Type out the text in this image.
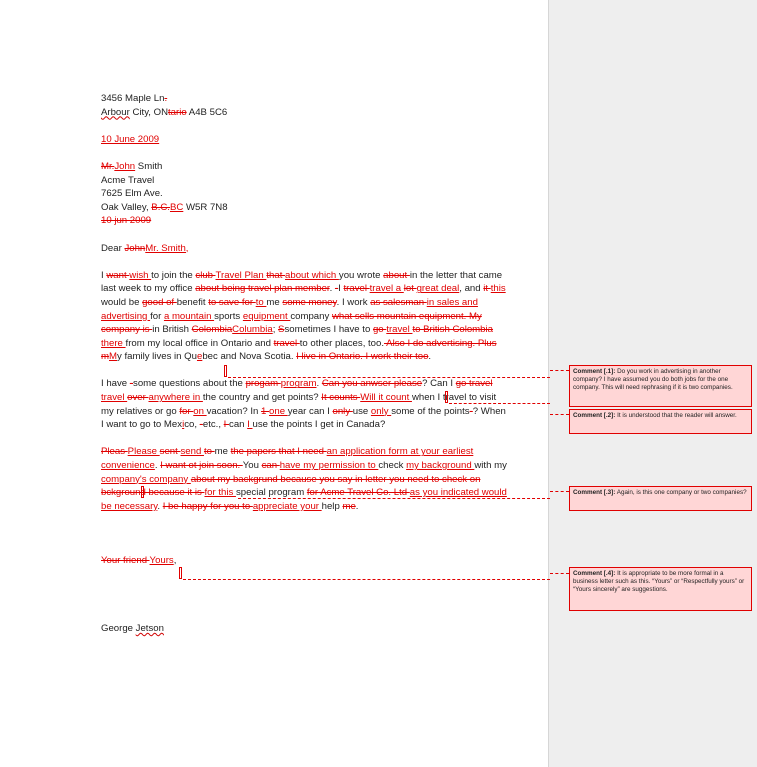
3456 Maple Ln.

Arbour City, ONtario A4B 5C6

10 June 2009

Mr.John Smith

Acme Travel

7625 Elm Ave.

Oak Valley, B.C.BC W5R 7N8

10 jun 2009

Dear JohnMr. Smith,

I want wish to join the club Travel Plan that about which you wrote about in the letter that came last week to my office about being travel plan member. -I travel travel a lot great deal, and it this would be good of benefit to save for to me some money. I work as salesman in sales and advertising for a mountain sports equipment company what sells mountain equipment. My company is in British ColombiaColumbia; Ssometimes I have to go travel to British Colombia there from my local office in Ontario and travel to other places, too. Also I do advertising. Plus mMy family lives in Quebec and Nova Scotia. I live in Ontario. I work their too.

I have -some questions about the progam program. Can you anwser please? Can I go travel travel over anywhere in the country and get points? It counts Will it count when I travel to visit my relatives or go for on vacation? In 1 one year can I only use only some of the points-? When I want to go to Mexico, -etc., I can I use the points I get in Canada?

Pleas Please sent send to me the papers that I need an application form at your earliest convenience. I want ot join soon. You can have my permission to check my background with my company's company about my backgrund because you say in letter you need to check on bckground because it is for this special program for Acme Travel Co. Ltd as you indicated would be necessary. I be happy for you to appreciate your help me.

Your friend Yours,

George Jetson

Comment [.1]: Do you work in advertising in another company? I have assumed you do both jobs for the one company. This will need rephrasing if it is two companies.
Comment [.2]: It is understood that the reader will answer.
Comment [.3]: Again, is this one company or two companies?
Comment [.4]: It is appropriate to be more formal in a business letter such as this. “Yours” or “Respectfully yours” or “Yours sincerely” are suggestions.
